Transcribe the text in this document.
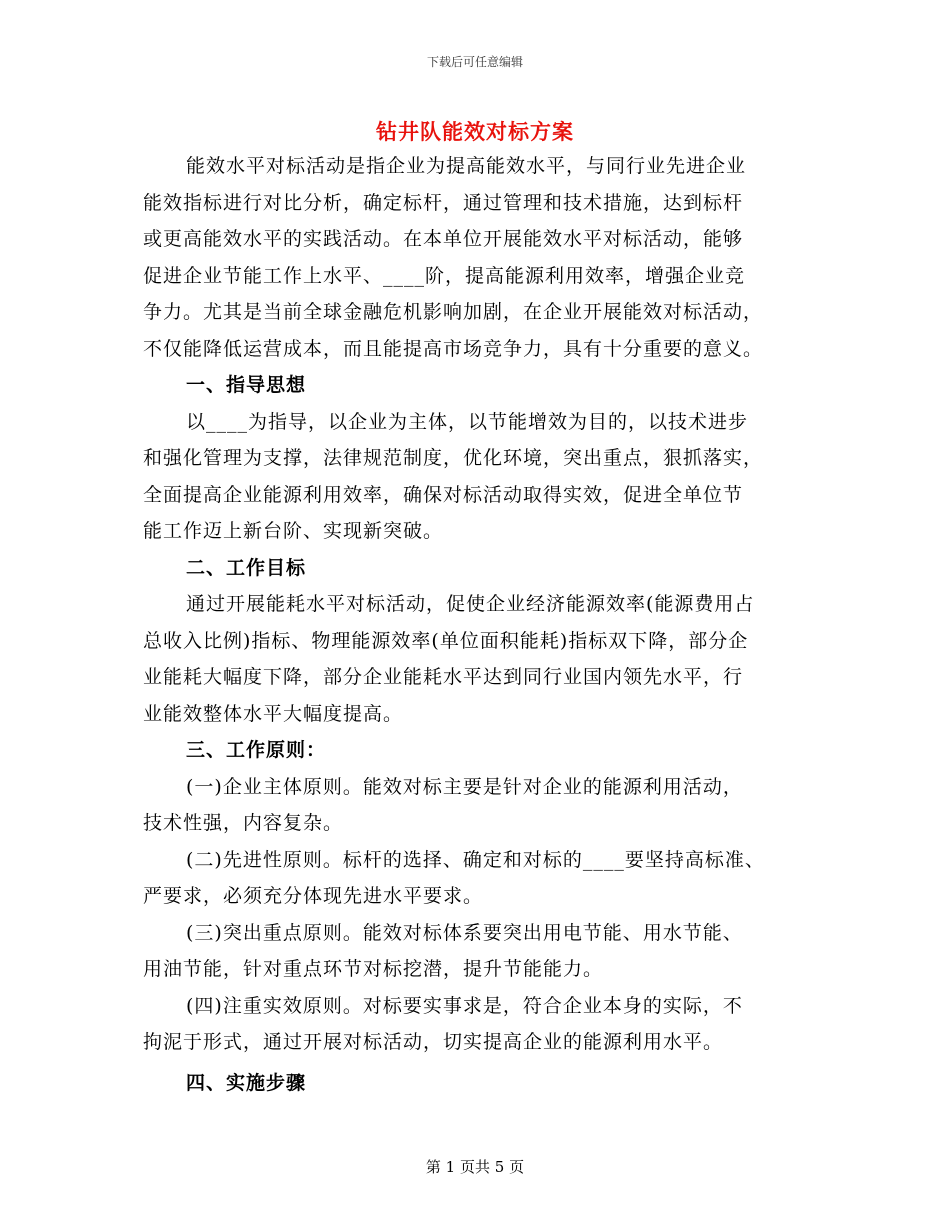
下载后可任意编辑
钻井队能效对标方案
能效水平对标活动是指企业为提高能效水平，与同行业先进企业
能效指标进行对比分析，确定标杆，通过管理和技术措施，达到标杆
或更高能效水平的实践活动。在本单位开展能效水平对标活动，能够
促进企业节能工作上水平、____阶，提高能源利用效率，增强企业竞
争力。尤其是当前全球金融危机影响加剧，在企业开展能效对标活动，
不仅能降低运营成本，而且能提高市场竞争力，具有十分重要的意义。
一、指导思想
以____为指导，以企业为主体，以节能增效为目的，以技术进步
和强化管理为支撑，法律规范制度，优化环境，突出重点，狠抓落实，
全面提高企业能源利用效率，确保对标活动取得实效，促进全单位节
能工作迈上新台阶、实现新突破。
二、工作目标
通过开展能耗水平对标活动，促使企业经济能源效率(能源费用占
总收入比例)指标、物理能源效率(单位面积能耗)指标双下降，部分企
业能耗大幅度下降，部分企业能耗水平达到同行业国内领先水平，行
业能效整体水平大幅度提高。
三、工作原则：
(一)企业主体原则。能效对标主要是针对企业的能源利用活动，
技术性强，内容复杂。
(二)先进性原则。标杆的选择、确定和对标的____要坚持高标准、
严要求，必须充分体现先进水平要求。
(三)突出重点原则。能效对标体系要突出用电节能、用水节能、
用油节能，针对重点环节对标挖潜，提升节能能力。
(四)注重实效原则。对标要实事求是，符合企业本身的实际，不
拘泥于形式，通过开展对标活动，切实提高企业的能源利用水平。
四、实施步骤
第 1 页共 5 页
